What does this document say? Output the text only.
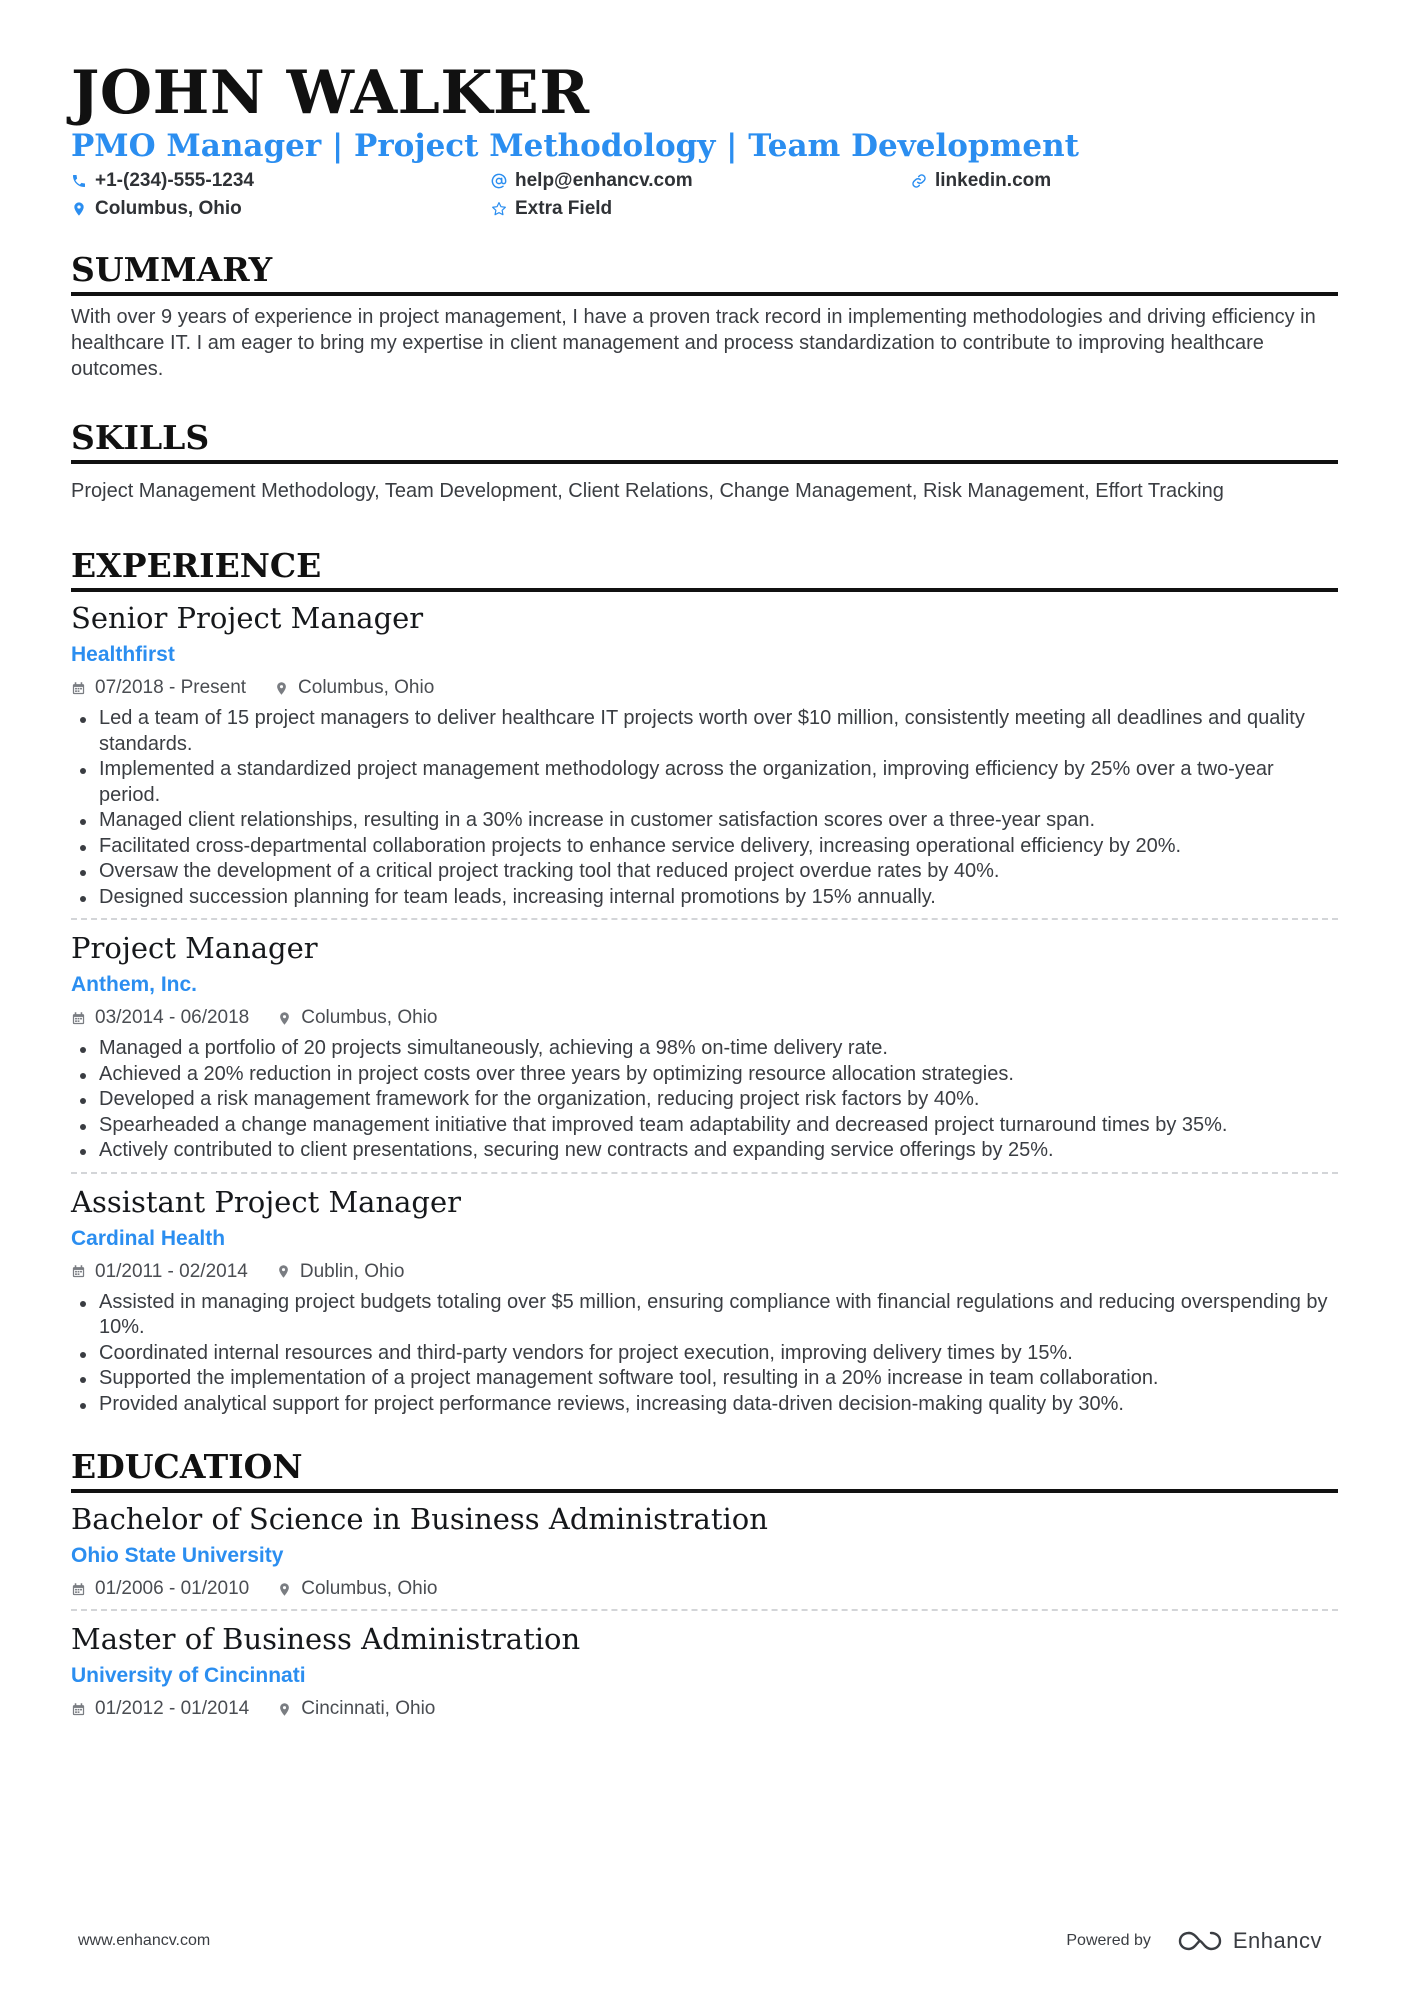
JOHN WALKER
PMO Manager | Project Methodology | Team Development
+1-(234)-555-1234	help@enhancv.com	linkedin.com
Columbus, Ohio	Extra Field
SUMMARY

With over 9 years of experience in project management, I have a proven track record in implementing methodologies and driving efficiency in healthcare IT. I am eager to bring my expertise in client management and process standardization to contribute to improving healthcare outcomes.

SKILLS

Project Management Methodology, Team Development, Client Relations, Change Management, Risk Management, Effort Tracking

EXPERIENCE
Senior Project Manager
Healthfirst
07/2018 - Present	Columbus, Ohio
Led a team of 15 project managers to deliver healthcare IT projects worth over $10 million, consistently meeting all deadlines and quality standards.
Implemented a standardized project management methodology across the organization, improving efficiency by 25% over a two-year period.
Managed client relationships, resulting in a 30% increase in customer satisfaction scores over a three-year span.
Facilitated cross-departmental collaboration projects to enhance service delivery, increasing operational efficiency by 20%.
Oversaw the development of a critical project tracking tool that reduced project overdue rates by 40%.
Designed succession planning for team leads, increasing internal promotions by 15% annually.
Project Manager
Anthem, Inc.
03/2014 - 06/2018	Columbus, Ohio
Managed a portfolio of 20 projects simultaneously, achieving a 98% on-time delivery rate.
Achieved a 20% reduction in project costs over three years by optimizing resource allocation strategies.
Developed a risk management framework for the organization, reducing project risk factors by 40%.
Spearheaded a change management initiative that improved team adaptability and decreased project turnaround times by 35%.
Actively contributed to client presentations, securing new contracts and expanding service offerings by 25%.
Assistant Project Manager
Cardinal Health
01/2011 - 02/2014	Dublin, Ohio
Assisted in managing project budgets totaling over $5 million, ensuring compliance with financial regulations and reducing overspending by 10%.
Coordinated internal resources and third-party vendors for project execution, improving delivery times by 15%.
Supported the implementation of a project management software tool, resulting in a 20% increase in team collaboration.
Provided analytical support for project performance reviews, increasing data-driven decision-making quality by 30%.
EDUCATION
Bachelor of Science in Business Administration
Ohio State University
01/2006 - 01/2010	Columbus, Ohio
Master of Business Administration
University of Cincinnati
01/2012 - 01/2014	Cincinnati, Ohio
www.enhancv.com	Powered by	Enhancv
